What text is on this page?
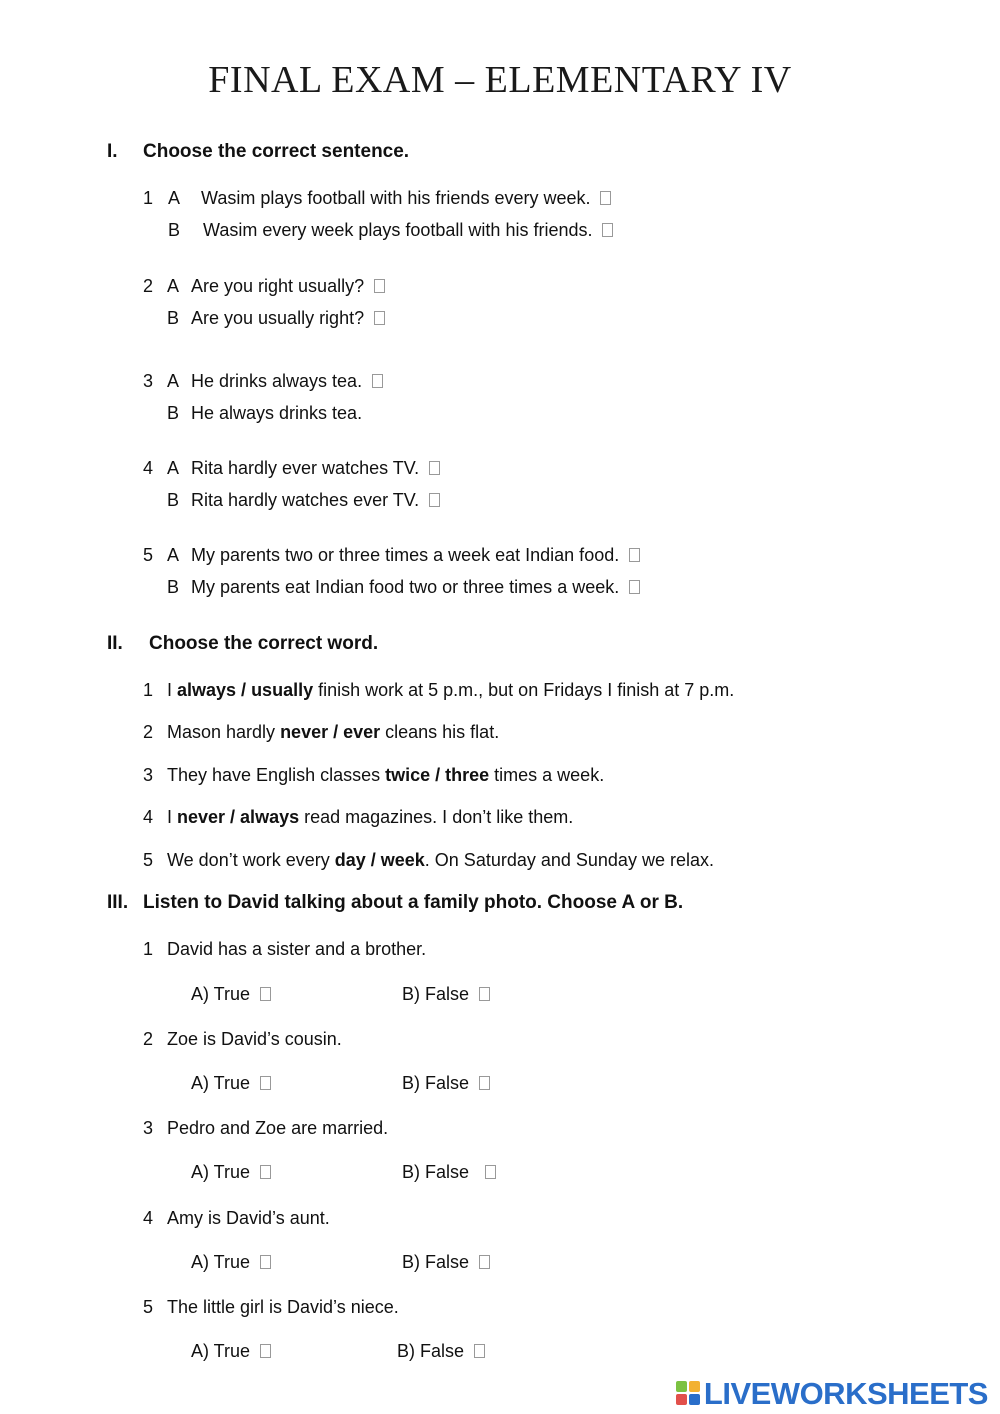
FINAL EXAM – ELEMENTARY IV
I. Choose the correct sentence.
1 A Wasim plays football with his friends every week.
B Wasim every week plays football with his friends.
2 A Are you right usually?
B Are you usually right?
3 A He drinks always tea.
B He always drinks tea.
4 A Rita hardly ever watches TV.
B Rita hardly watches ever TV.
5 A My parents two or three times a week eat Indian food.
B My parents eat Indian food two or three times a week.
II. Choose the correct word.
1 I always / usually finish work at 5 p.m., but on Fridays I finish at 7 p.m.
2 Mason hardly never / ever cleans his flat.
3 They have English classes twice / three times a week.
4 I never / always read magazines. I don’t like them.
5 We don’t work every day / week. On Saturday and Sunday we relax.
III. Listen to David talking about a family photo. Choose A or B.
1 David has a sister and a brother.
A) True	B) False
2 Zoe is David’s cousin.
A) True	B) False
3 Pedro and Zoe are married.
A) True	B) False
4 Amy is David’s aunt.
A) True	B) False
5 The little girl is David’s niece.
A) True	B) False
LIVEWORKSHEETS
